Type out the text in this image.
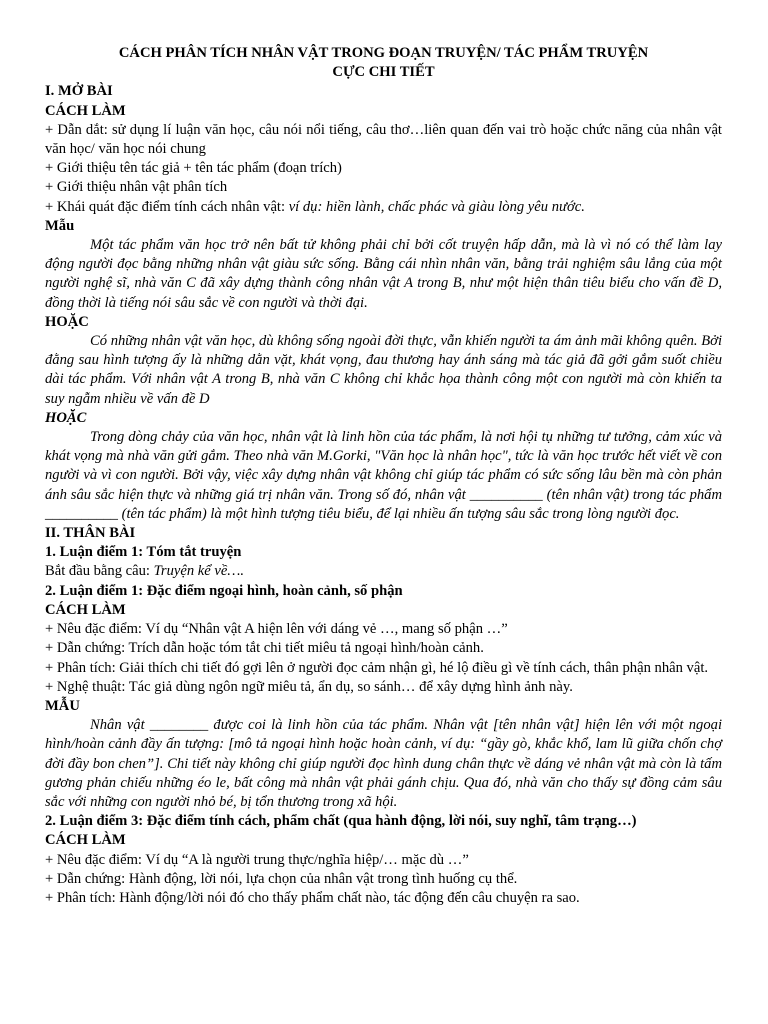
CÁCH PHÂN TÍCH NHÂN VẬT TRONG ĐOẠN TRUYỆN/ TÁC PHẨM TRUYỆN

CỰC CHI TIẾT

I. MỞ BÀI

CÁCH LÀM

+ Dẫn dắt: sử dụng lí luận văn học, câu nói nổi tiếng, câu thơ…liên quan đến vai trò hoặc chức năng của nhân vật văn học/ văn học nói chung

+ Giới thiệu tên tác giả + tên tác phẩm (đoạn trích)

+ Giới thiệu nhân vật phân tích

+ Khái quát đặc điểm tính cách nhân vật: ví dụ: hiền lành, chấc phác và giàu lòng yêu nước.

Mẫu

Một tác phẩm văn học trở nên bất tử không phải chỉ bởi cốt truyện hấp dẫn, mà là vì nó có thể làm lay động người đọc bằng những nhân vật giàu sức sống. Bằng cái nhìn nhân văn, bằng trải nghiệm sâu lắng của một người nghệ sĩ, nhà văn C đã xây dựng thành công nhân vật A trong B, như một hiện thân tiêu biểu cho vấn đề D, đồng thời là tiếng nói sâu sắc về con người và thời đại.

HOẶC

Có những nhân vật văn học, dù không sống ngoài đời thực, vẫn khiến người ta ám ảnh mãi không quên. Bởi đằng sau hình tượng ấy là những dằn vặt, khát vọng, đau thương hay ánh sáng mà tác giả đã gởi gắm suốt chiều dài tác phẩm. Với nhân vật A trong B, nhà văn C không chỉ khắc họa thành công một con người mà còn khiến ta suy ngẫm nhiều về vấn đề D

HOẶC

Trong dòng chảy của văn học, nhân vật là linh hồn của tác phẩm, là nơi hội tụ những tư tưởng, cảm xúc và khát vọng mà nhà văn gửi gắm. Theo nhà văn M.Gorki, "Văn học là nhân học", tức là văn học trước hết viết về con người và vì con người. Bởi vậy, việc xây dựng nhân vật không chỉ giúp tác phẩm có sức sống lâu bền mà còn phản ánh sâu sắc hiện thực và những giá trị nhân văn. Trong số đó, nhân vật __________ (tên nhân vật) trong tác phẩm __________ (tên tác phẩm) là một hình tượng tiêu biểu, để lại nhiều ấn tượng sâu sắc trong lòng người đọc.

II. THÂN BÀI

1. Luận điểm 1: Tóm tắt truyện

Bắt đầu bằng câu: Truyện kể về….

2. Luận điểm 1: Đặc điểm ngoại hình, hoàn cảnh, số phận

CÁCH LÀM

+ Nêu đặc điểm: Ví dụ “Nhân vật A hiện lên với dáng vẻ …, mang số phận …”

+ Dẫn chứng: Trích dẫn hoặc tóm tắt chi tiết miêu tả ngoại hình/hoàn cảnh.

+ Phân tích: Giải thích chi tiết đó gợi lên ở người đọc cảm nhận gì, hé lộ điều gì về tính cách, thân phận nhân vật.

+ Nghệ thuật: Tác giả dùng ngôn ngữ miêu tả, ẩn dụ, so sánh… để xây dựng hình ảnh này.

MẪU

Nhân vật ________ được coi là linh hồn của tác phẩm. Nhân vật [tên nhân vật] hiện lên với một ngoại hình/hoàn cảnh đầy ấn tượng: [mô tả ngoại hình hoặc hoàn cảnh, ví dụ: “gầy gò, khắc khổ, lam lũ giữa chốn chợ đời đầy bon chen”]. Chi tiết này không chỉ giúp người đọc hình dung chân thực về dáng vẻ nhân vật mà còn là tấm gương phản chiếu những éo le, bất công mà nhân vật phải gánh chịu. Qua đó, nhà văn cho thấy sự đồng cảm sâu sắc với những con người nhỏ bé, bị tổn thương trong xã hội.

2. Luận điểm 3: Đặc điểm tính cách, phẩm chất (qua hành động, lời nói, suy nghĩ, tâm trạng…)

CÁCH LÀM

+ Nêu đặc điểm: Ví dụ “A là người trung thực/nghĩa hiệp/… mặc dù …”

+ Dẫn chứng: Hành động, lời nói, lựa chọn của nhân vật trong tình huống cụ thể.

+ Phân tích: Hành động/lời nói đó cho thấy phẩm chất nào, tác động đến câu chuyện ra sao.
